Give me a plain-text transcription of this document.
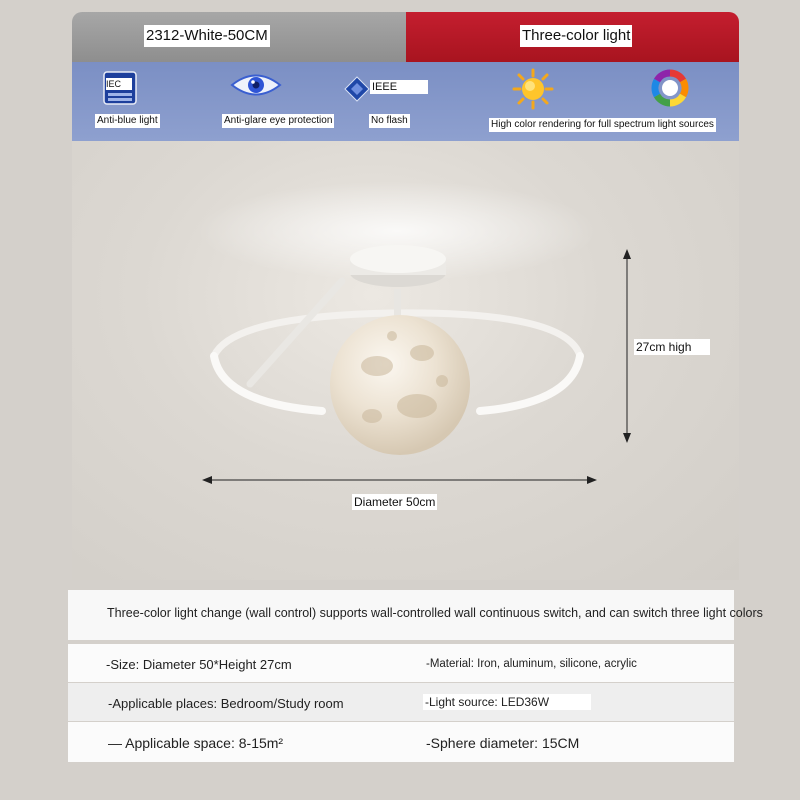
2312-White-50CM	Three-color light
IEC
Anti-blue light	Anti-glare eye protection
IEEE
No flash	High color rendering for full spectrum light sources
27cm high
Diameter 50cm
Three-color light change (wall control) supports wall-controlled wall continuous switch, and can switch three light colors
-Size: Diameter 50*Height 27cm	-Material: Iron, aluminum, silicone, acrylic
-Applicable places: Bedroom/Study room	-Light source: LED36W
— Applicable space: 8-15m²	-Sphere diameter: 15CM
